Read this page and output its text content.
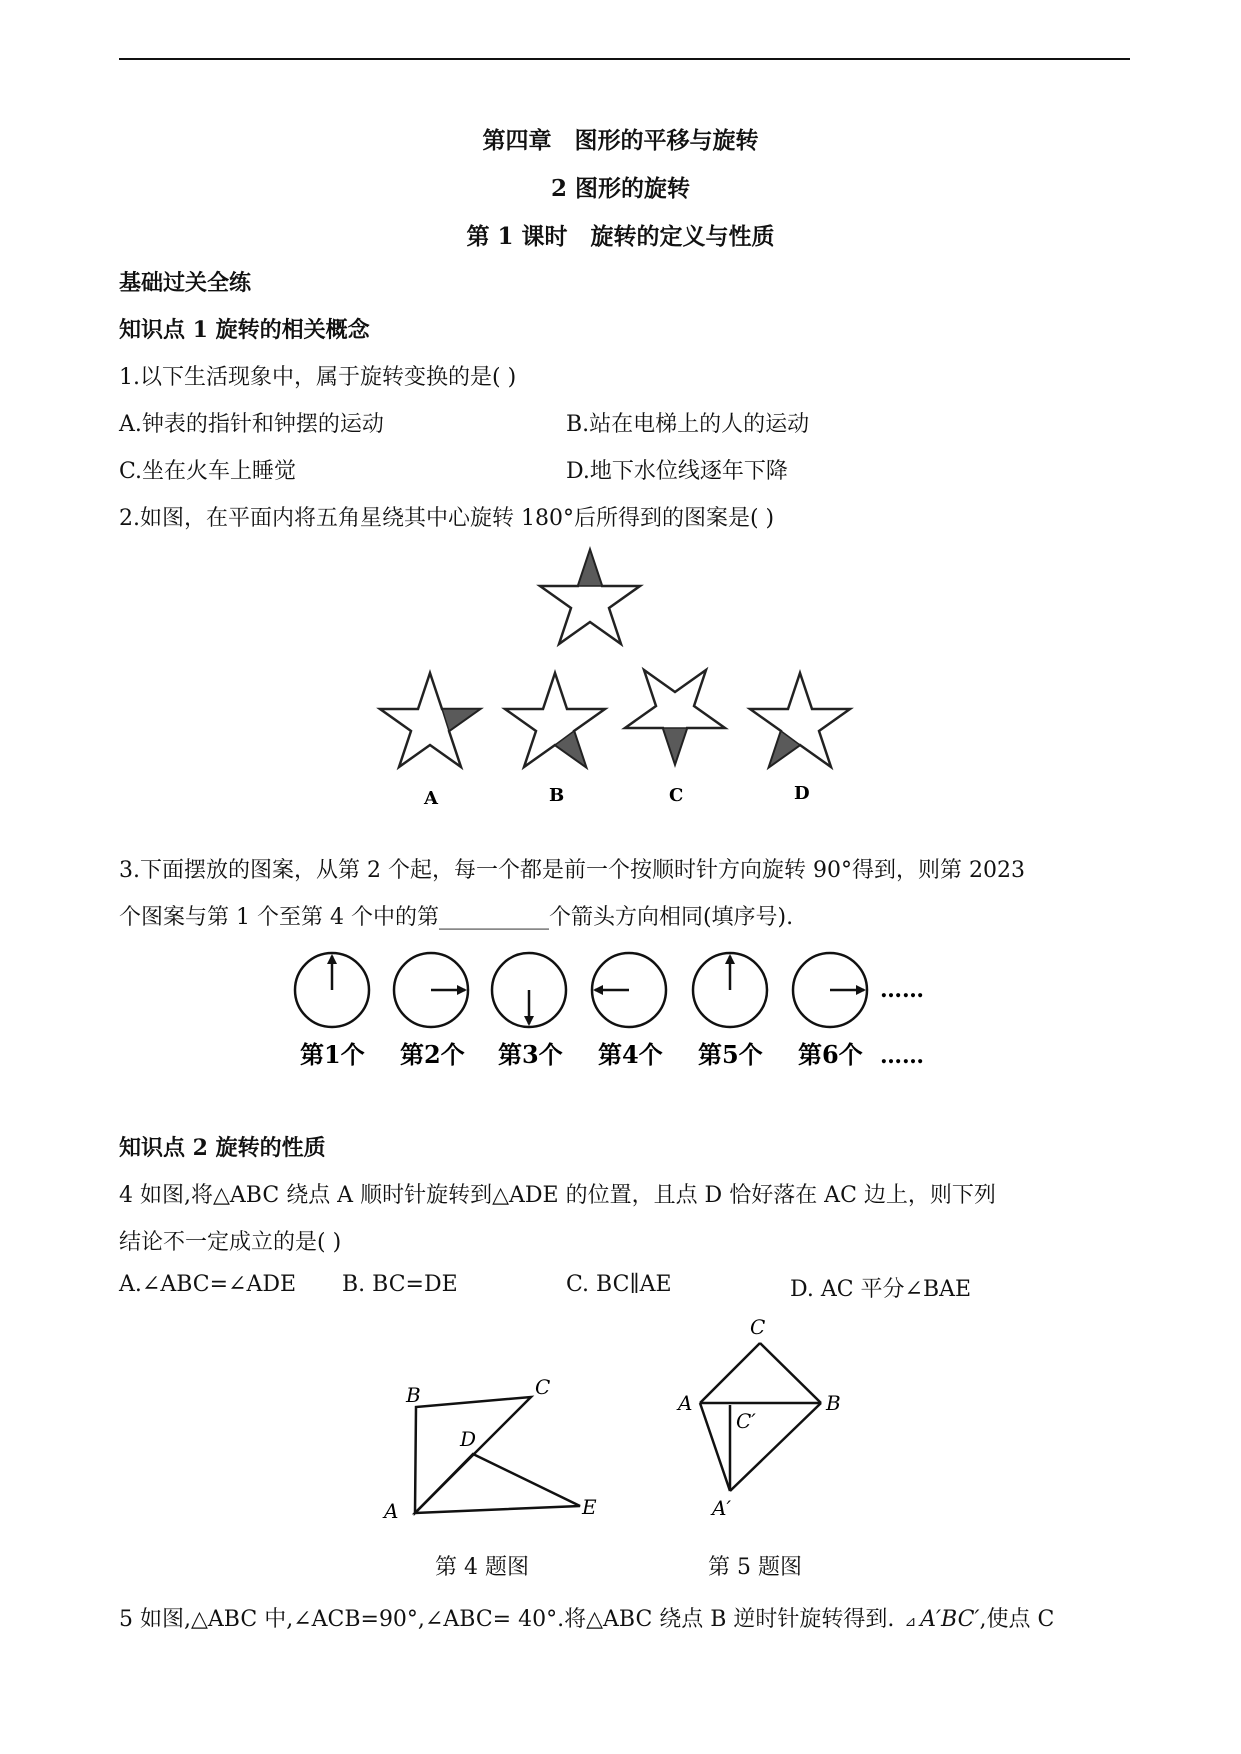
第四章　图形的平移与旋转
2 图形的旋转
第 1 课时　旋转的定义与性质
基础过关全练
知识点 1 旋转的相关概念
1.以下生活现象中，属于旋转变换的是( )
A.钟表的指针和钟摆的运动	B.站在电梯上的人的运动
C.坐在火车上睡觉	D.地下水位线逐年下降
2.如图，在平面内将五角星绕其中心旋转 180°后所得到的图案是( )
A	B	C	D
3.下面摆放的图案，从第 2 个起，每一个都是前一个按顺时针方向旋转 90°得到，则第 2023
个图案与第 1 个至第 4 个中的第__________个箭头方向相同(填序号).
……
第1个 第2个 第3个 第4个 第5个 第6个 ……
知识点 2 旋转的性质
4 如图,将△ABC 绕点 A 顺时针旋转到△ADE 的位置，且点 D 恰好落在 AC 边上，则下列
结论不一定成立的是( )
A.∠ABC=∠ADE B. BC=DE	C. BC∥AE	D. AC 平分∠BAE
B	C
D
A	E
C
A	B
C′
A′
第 4 题图	第 5 题图
5 如图,△ABC 中,∠ACB=90°,∠ABC= 40°.将△ABC 绕点 B 逆时针旋转得到. ⊿ A′BC′,使点 C
